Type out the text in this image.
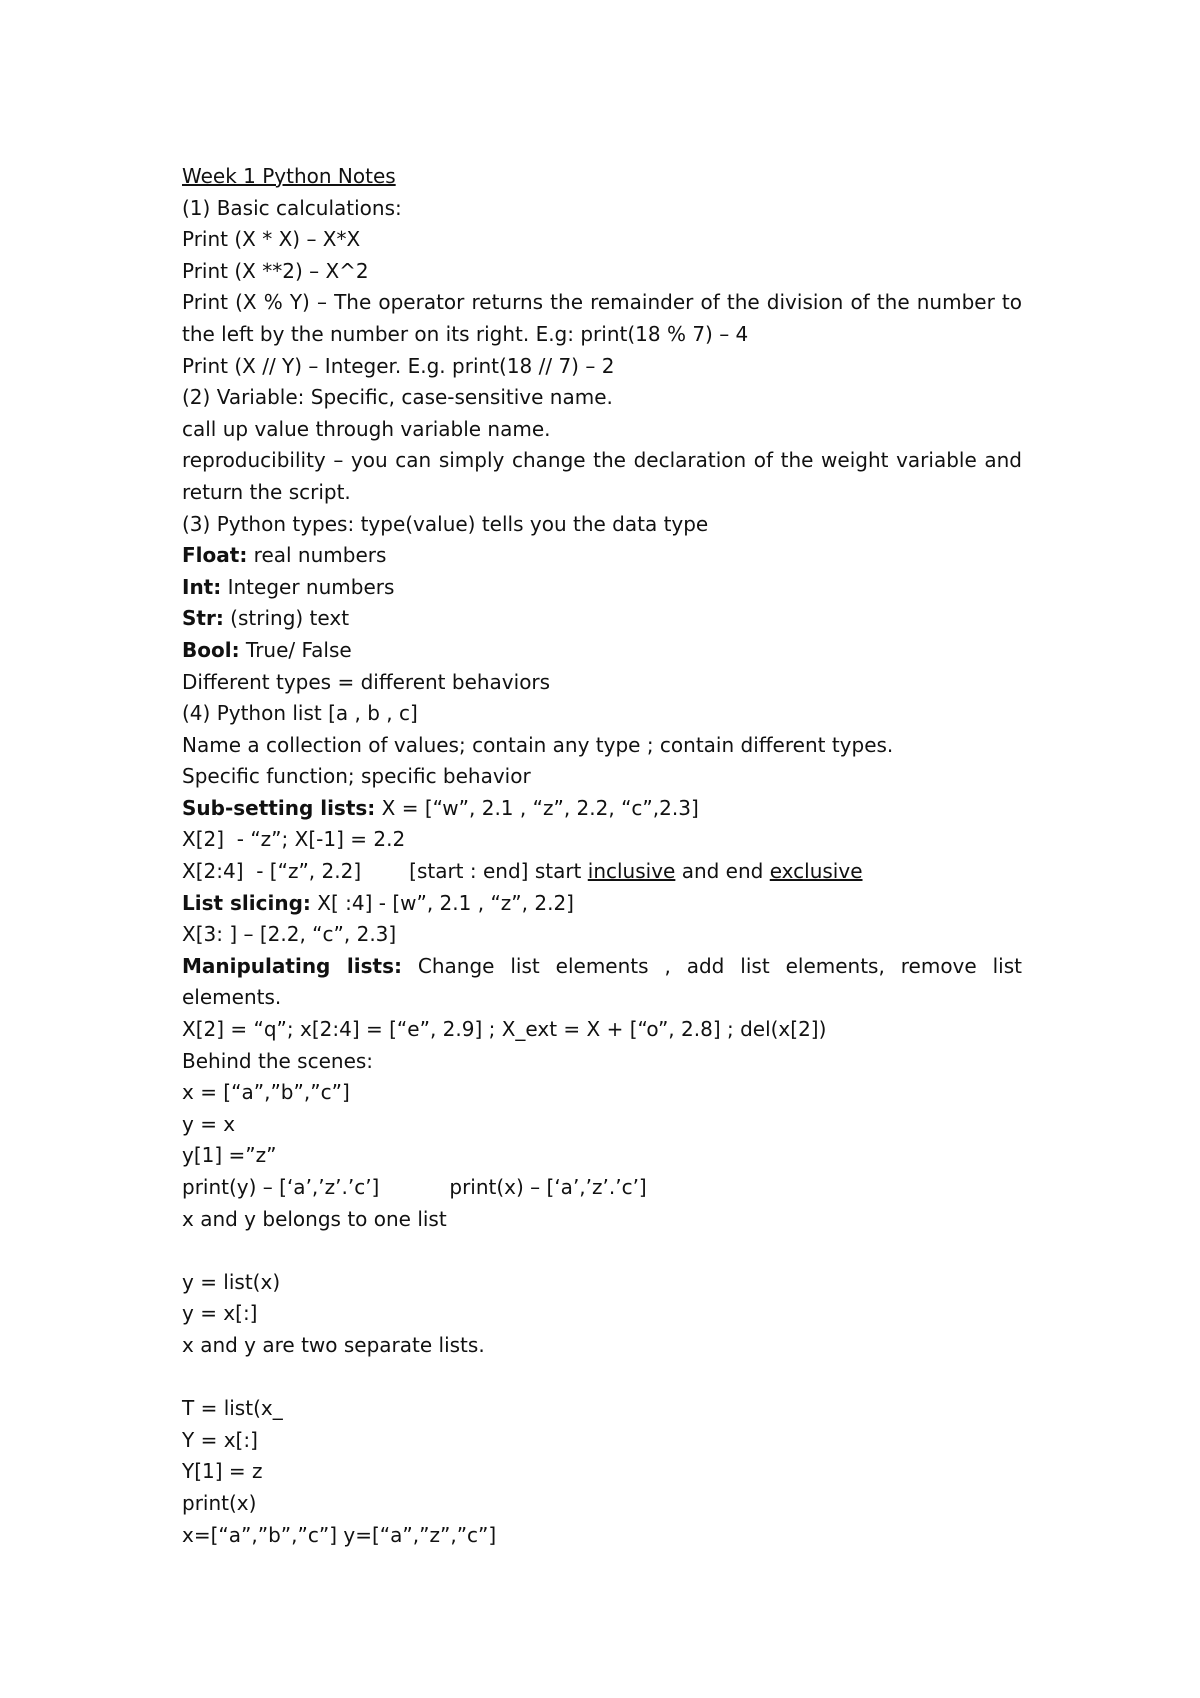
Week 1 Python Notes
(1) Basic calculations:
Print (X * X) – X*X
Print (X **2) – X^2
Print (X % Y) – The operator returns the remainder of the division of the number to the left by the number on its right. E.g: print(18 % 7) – 4
Print (X // Y) – Integer. E.g. print(18 // 7) – 2
(2) Variable: Specific, case-sensitive name.
call up value through variable name.
reproducibility – you can simply change the declaration of the weight variable and return the script.
(3) Python types: type(value) tells you the data type
Float: real numbers
Int: Integer numbers
Str: (string) text
Bool: True/ False
Different types = different behaviors
(4) Python list [a , b , c]
Name a collection of values; contain any type ; contain different types.
Specific function; specific behavior
Sub-setting lists: X = [“w”, 2.1 , “z”, 2.2, “c”,2.3]
X[2]  - “z”; X[-1] = 2.2
X[2:4]  - [“z”, 2.2] [start : end] start inclusive and end exclusive
List slicing: X[ :4] - [w”, 2.1 , “z”, 2.2]
X[3: ] – [2.2, “c”, 2.3]
Manipulating lists: Change list elements , add list elements, remove list elements.
X[2] = “q”; x[2:4] = [“e”, 2.9] ; X_ext = X + [“o”, 2.8] ; del(x[2])
Behind the scenes:
x = [“a”,”b”,”c”]
y = x
y[1] =”z”
print(y) – [‘a’,’z’.’c’]	print(x) – [‘a’,’z’.’c’]
x and y belongs to one list
y = list(x)
y = x[:]
x and y are two separate lists.
T = list(x_
Y = x[:]
Y[1] = z
print(x)
x=[“a”,”b”,”c”] y=[“a”,”z”,”c”]
